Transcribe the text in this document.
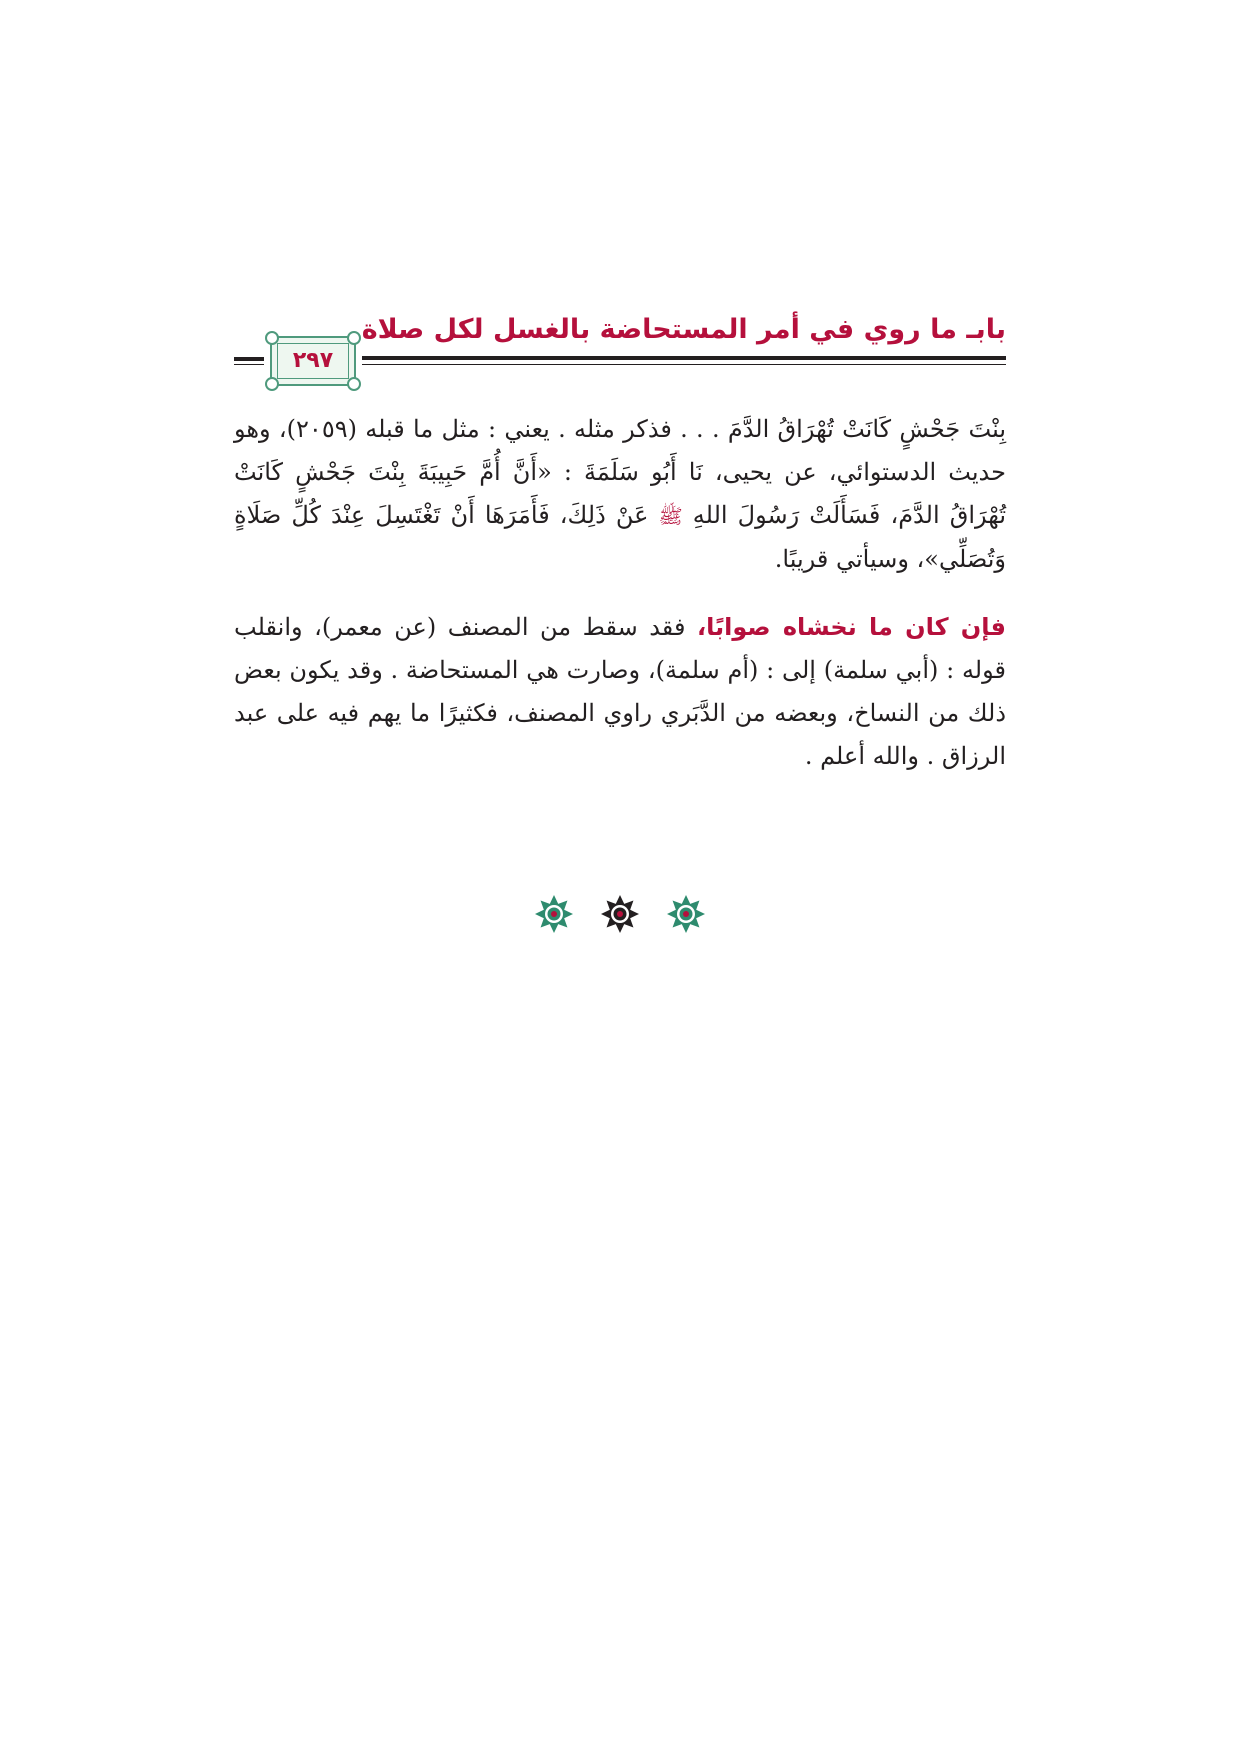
بابـ ما روي في أمر المستحاضة بالغسل لكل صلاة
٢٩٧

بِنْتَ جَحْشٍ كَانَتْ تُهْرَاقُ الدَّمَ . . . فذكر مثله . يعني : مثل ما قبله (٢٠٥٩)، وهو حديث الدستوائي، عن يحيى، نَا أَبُو سَلَمَةَ : «أَنَّ أُمَّ حَبِيبَةَ بِنْتَ جَحْشٍ كَانَتْ تُهْرَاقُ الدَّمَ، فَسَأَلَتْ رَسُولَ اللهِ ﷺ عَنْ ذَلِكَ، فَأَمَرَهَا أَنْ تَغْتَسِلَ عِنْدَ كُلِّ صَلَاةٍ وَتُصَلِّي»، وسيأتي قريبًا.

فإن كان ما نخشاه صوابًا، فقد سقط من المصنف (عن معمر)، وانقلب قوله : (أبي سلمة) إلى : (أم سلمة)، وصارت هي المستحاضة . وقد يكون بعض ذلك من النساخ، وبعضه من الدَّبَري راوي المصنف، فكثيرًا ما يهم فيه على عبد الرزاق . والله أعلم .
